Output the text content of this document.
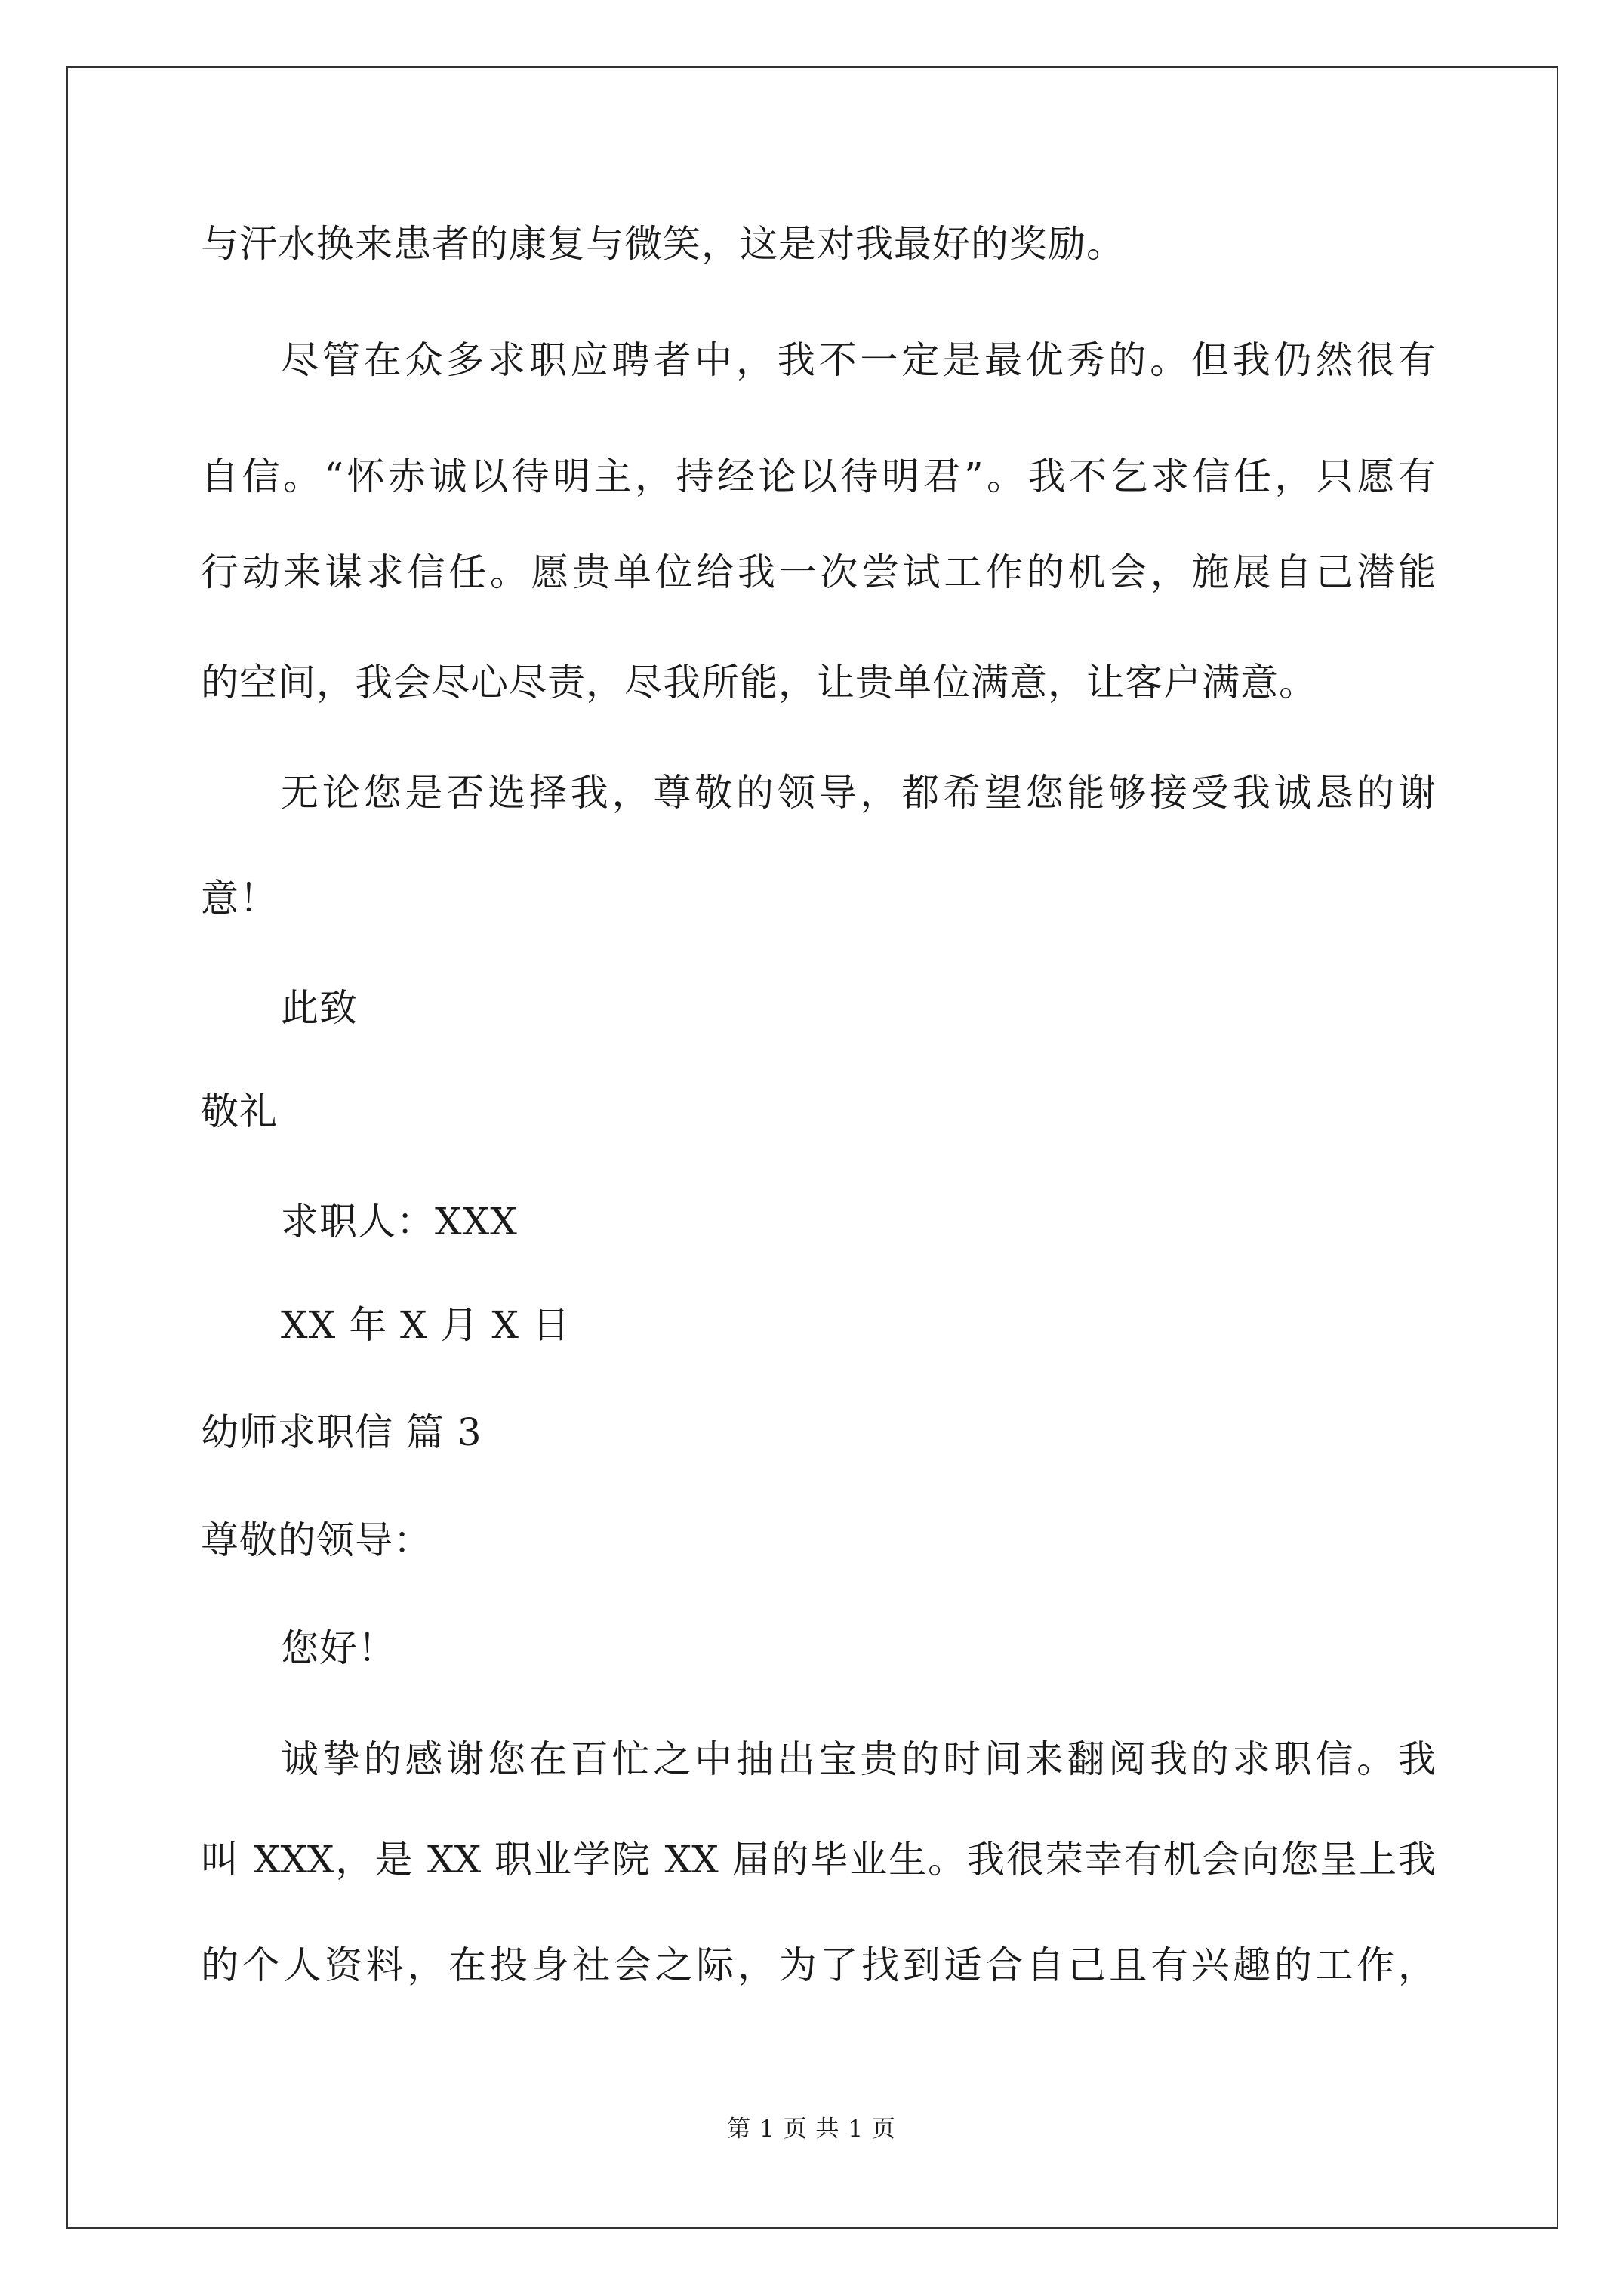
与汗水换来患者的康复与微笑，这是对我最好的奖励。
尽管在众多求职应聘者中，我不一定是最优秀的。但我仍然很有
自信。“怀赤诚以待明主，持经论以待明君”。我不乞求信任，只愿有
行动来谋求信任。愿贵单位给我一次尝试工作的机会，施展自己潜能
的空间，我会尽心尽责，尽我所能，让贵单位满意，让客户满意。
无论您是否选择我，尊敬的领导，都希望您能够接受我诚恳的谢
意！
此致
敬礼
求职人：XXX
XX 年 X 月 X 日
幼师求职信 篇 3
尊敬的领导：
您好！
诚挚的感谢您在百忙之中抽出宝贵的时间来翻阅我的求职信。我
叫 XXX，是 XX 职业学院 XX 届的毕业生。我很荣幸有机会向您呈上我
的个人资料，在投身社会之际，为了找到适合自己且有兴趣的工作，
第 1 页 共 1 页
